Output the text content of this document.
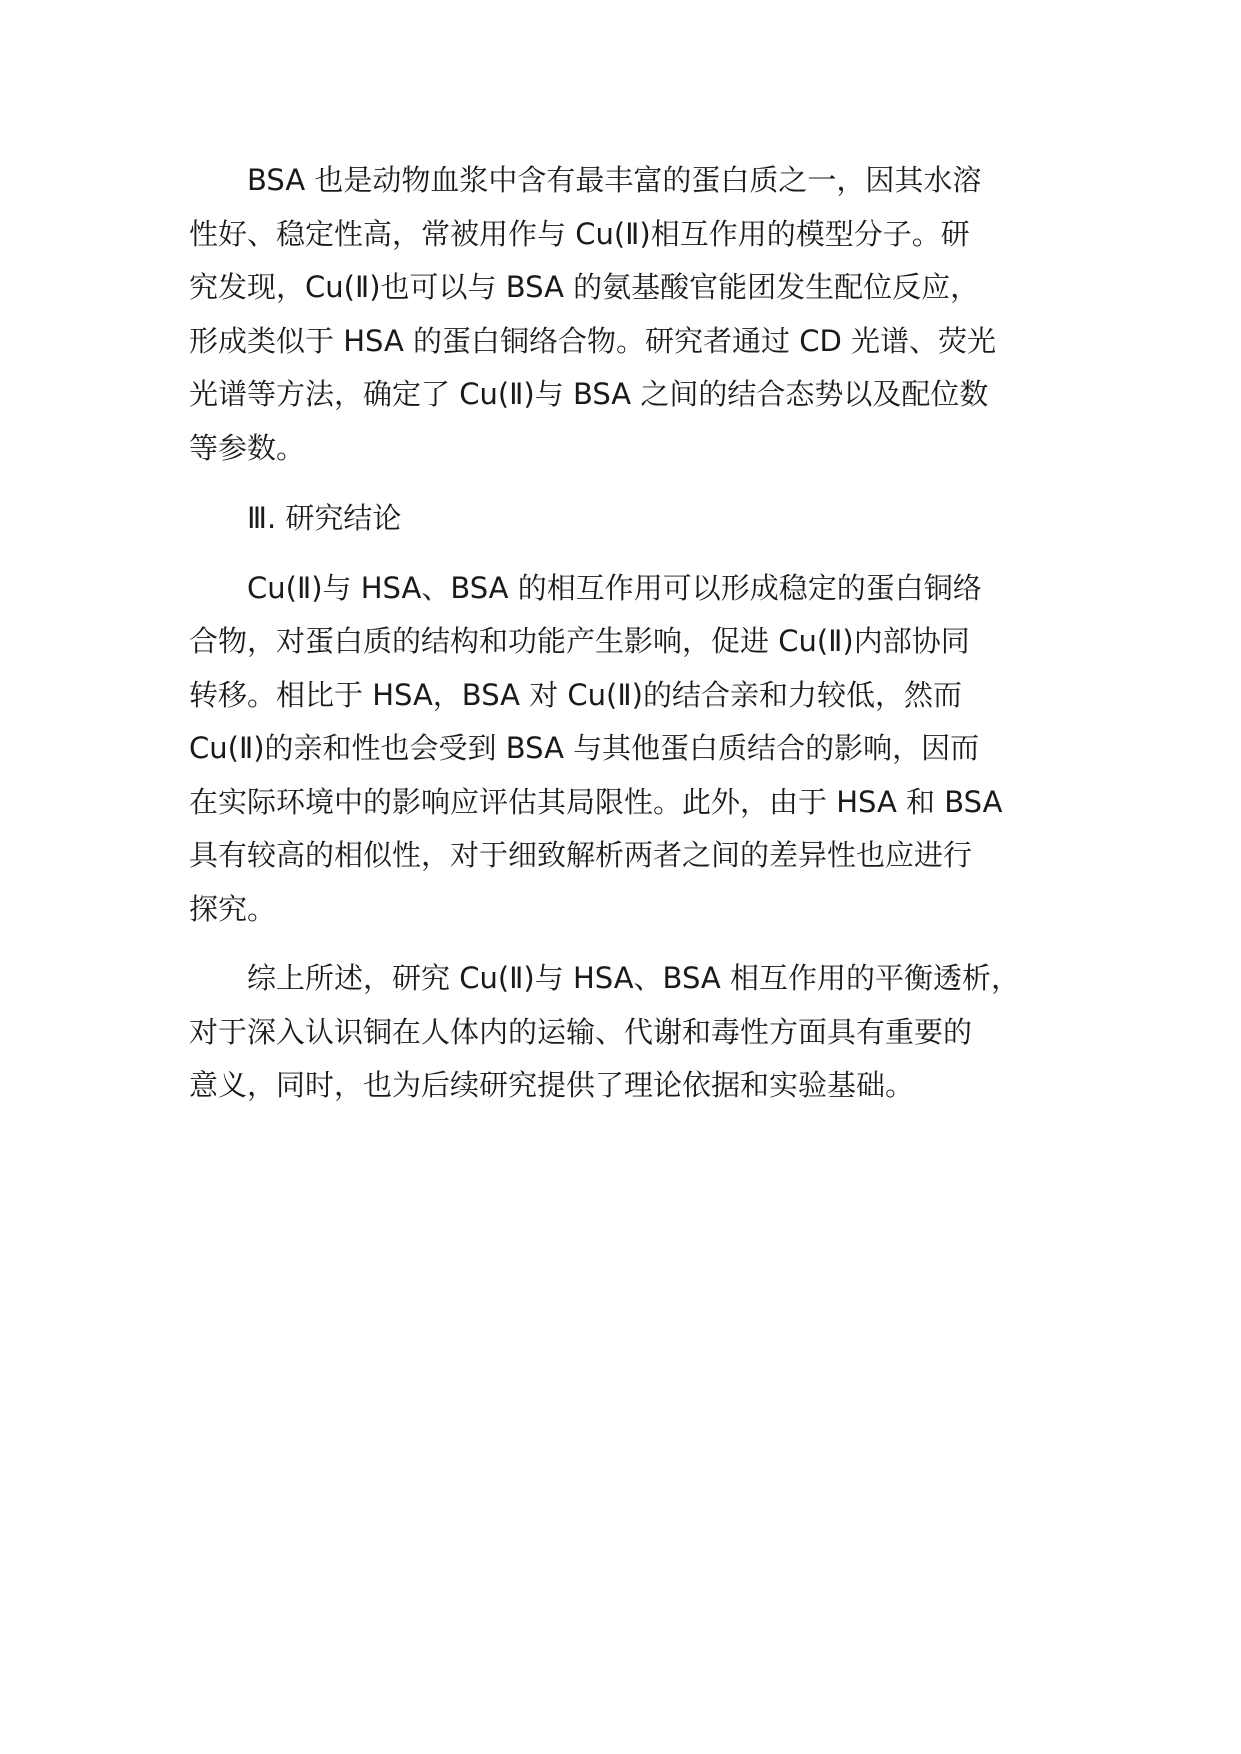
BSA 也是动物血浆中含有最丰富的蛋白质之一，因其水溶
性好、稳定性高，常被用作与 Cu(Ⅱ)相互作用的模型分子。研
究发现，Cu(Ⅱ)也可以与 BSA 的氨基酸官能团发生配位反应，
形成类似于 HSA 的蛋白铜络合物。研究者通过 CD 光谱、荧光
光谱等方法，确定了 Cu(Ⅱ)与 BSA 之间的结合态势以及配位数
等参数。

Ⅲ. 研究结论

Cu(Ⅱ)与 HSA、BSA 的相互作用可以形成稳定的蛋白铜络
合物，对蛋白质的结构和功能产生影响，促进 Cu(Ⅱ)内部协同
转移。相比于 HSA，BSA 对 Cu(Ⅱ)的结合亲和力较低，然而
Cu(Ⅱ)的亲和性也会受到 BSA 与其他蛋白质结合的影响，因而
在实际环境中的影响应评估其局限性。此外，由于 HSA 和 BSA
具有较高的相似性，对于细致解析两者之间的差异性也应进行
探究。

综上所述，研究 Cu(Ⅱ)与 HSA、BSA 相互作用的平衡透析，
对于深入认识铜在人体内的运输、代谢和毒性方面具有重要的
意义，同时，也为后续研究提供了理论依据和实验基础。
